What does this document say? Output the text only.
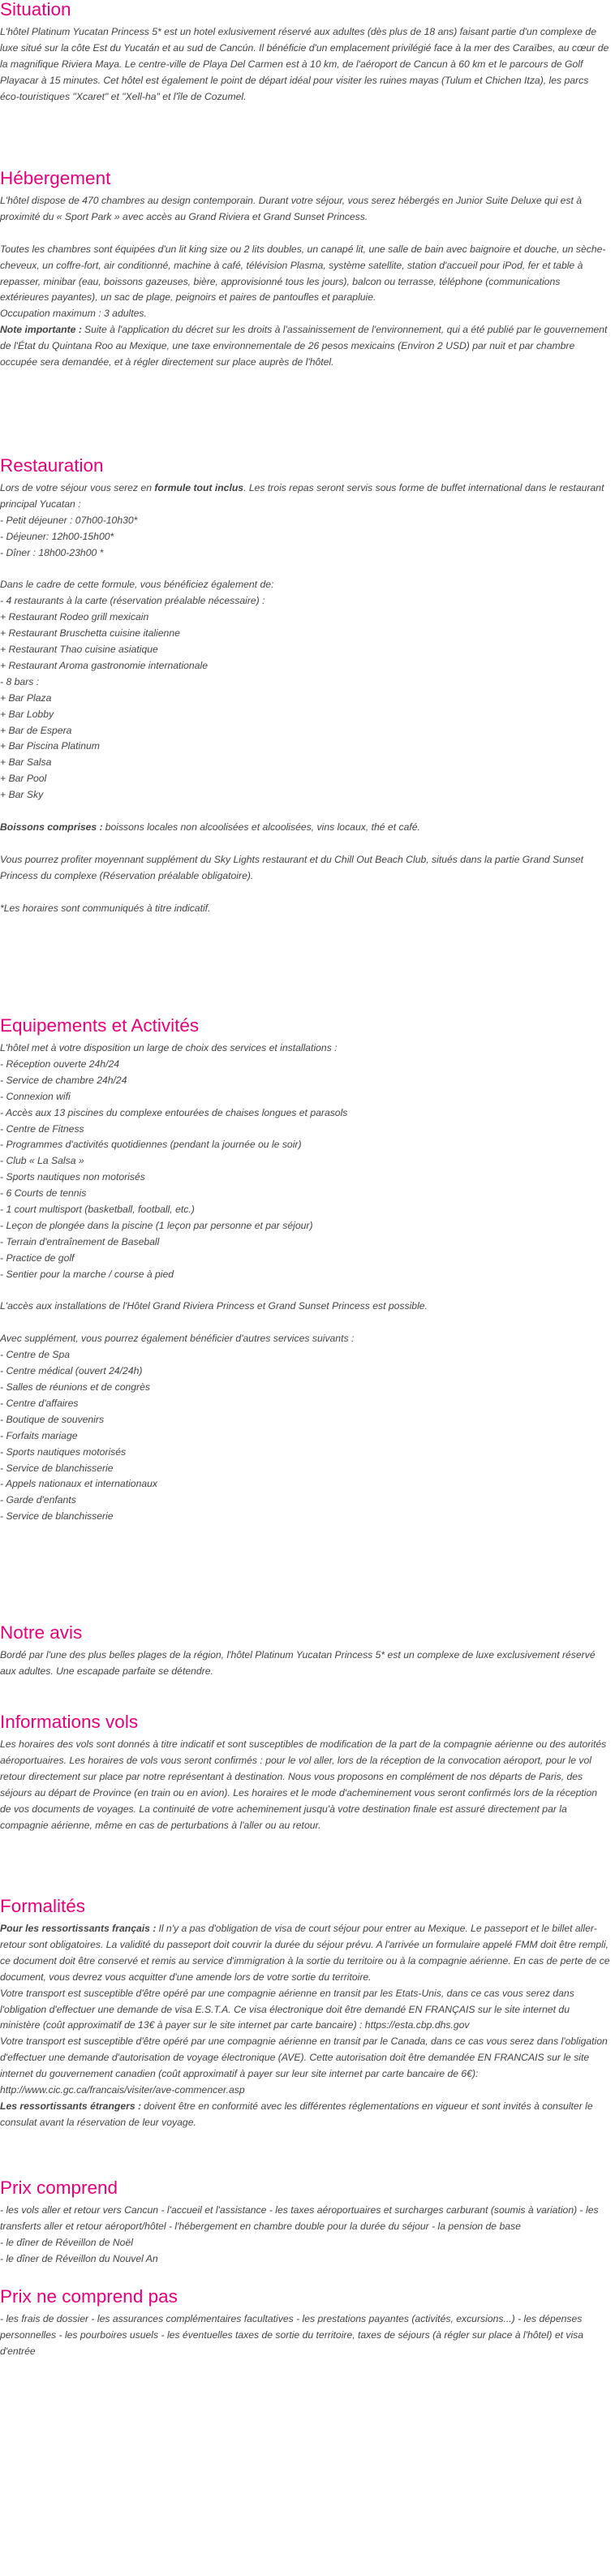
Situation

L'hôtel Platinum Yucatan Princess 5* est un hotel exlusivement réservé aux adultes (dès plus de 18 ans) faisant partie d'un complexe de luxe situé sur la côte Est du Yucatán et au sud de Cancún. Il bénéficie d'un emplacement privilégié face à la mer des Caraïbes, au cœur de la magnifique Riviera Maya. Le centre-ville de Playa Del Carmen est à 10 km, de l'aéroport de Cancun à 60 km et le parcours de Golf Playacar à 15 minutes. Cet hôtel est également le point de départ idéal pour visiter les ruines mayas (Tulum et Chichen Itza), les parcs éco-touristiques "Xcaret" et "Xell-ha" et l'île de Cozumel.

Hébergement

L'hôtel dispose de 470 chambres au design contemporain. Durant votre séjour, vous serez hébergés en Junior Suite Deluxe qui est à proximité du « Sport Park » avec accès au Grand Riviera et Grand Sunset Princess.

Toutes les chambres sont équipées d'un lit king size ou 2 lits doubles, un canapé lit, une salle de bain avec baignoire et douche, un sèche-cheveux, un coffre-fort, air conditionné, machine à café, télévision Plasma, système satellite, station d'accueil pour iPod, fer et table à repasser, minibar (eau, boissons gazeuses, bière, approvisionné tous les jours), balcon ou terrasse, téléphone (communications extérieures payantes), un sac de plage, peignoirs et paires de pantoufles et parapluie.

Occupation maximum : 3 adultes.

Note importante : Suite à l'application du décret sur les droits à l'assainissement de l'environnement, qui a été publié par le gouvernement de l'État du Quintana Roo au Mexique, une taxe environnementale de 26 pesos mexicains (Environ 2 USD) par nuit et par chambre occupée sera demandée, et à régler directement sur place auprès de l'hôtel.

Restauration

Lors de votre séjour vous serez en formule tout inclus. Les trois repas seront servis sous forme de buffet international dans le restaurant principal Yucatan :

- Petit déjeuner : 07h00-10h30*
- Déjeuner: 12h00-15h00*
- Dîner : 18h00-23h00 *

Dans le cadre de cette formule, vous bénéficiez également de:

- 4 restaurants à la carte (réservation préalable nécessaire) :

+ Restaurant Rodeo grill mexicain
+ Restaurant Bruschetta cuisine italienne
+ Restaurant Thao cuisine asiatique
+ Restaurant Aroma gastronomie internationale

- 8 bars :

+ Bar Plaza
+ Bar Lobby
+ Bar de Espera
+ Bar Piscina Platinum
+ Bar Salsa
+ Bar Pool
+ Bar Sky

Boissons comprises : boissons locales non alcoolisées et alcoolisées, vins locaux, thé et café.

Vous pourrez profiter moyennant supplément du Sky Lights restaurant et du Chill Out Beach Club, situés dans la partie Grand Sunset Princess du complexe (Réservation préalable obligatoire).

*Les horaires sont communiqués à titre indicatif.

Equipements et Activités

L'hôtel met à votre disposition un large de choix des services et installations :

- Réception ouverte 24h/24
- Service de chambre 24h/24
- Connexion wifi
- Accès aux 13 piscines du complexe entourées de chaises longues et parasols
- Centre de Fitness
- Programmes d'activités quotidiennes (pendant la journée ou le soir)
- Club « La Salsa »
- Sports nautiques non motorisés
- 6 Courts de tennis
- 1 court multisport (basketball, football, etc.)
- Leçon de plongée dans la piscine (1 leçon par personne et par séjour)
- Terrain d'entraînement de Baseball
- Practice de golf
- Sentier pour la marche / course à pied

L'accès aux installations de l'Hôtel Grand Riviera Princess et Grand Sunset Princess est possible.

Avec supplément, vous pourrez également bénéficier d'autres services suivants :

- Centre de Spa
- Centre médical (ouvert 24/24h)
- Salles de réunions et de congrès
- Centre d'affaires
- Boutique de souvenirs
- Forfaits mariage
- Sports nautiques motorisés
- Service de blanchisserie
- Appels nationaux et internationaux
- Garde d'enfants
- Service de blanchisserie
Notre avis

Bordé par l'une des plus belles plages de la région, l'hôtel Platinum Yucatan Princess 5* est un complexe de luxe exclusivement réservé aux adultes. Une escapade parfaite se détendre.

Informations vols

Les horaires des vols sont donnés à titre indicatif et sont susceptibles de modification de la part de la compagnie aérienne ou des autorités aéroportuaires. Les horaires de vols vous seront confirmés : pour le vol aller, lors de la réception de la convocation aéroport, pour le vol retour directement sur place par notre représentant à destination. Nous vous proposons en complément de nos départs de Paris, des séjours au départ de Province (en train ou en avion). Les horaires et le mode d'acheminement vous seront confirmés lors de la réception de vos documents de voyages. La continuité de votre acheminement jusqu'à votre destination finale est assuré directement par la compagnie aérienne, même en cas de perturbations à l'aller ou au retour.

Formalités

Pour les ressortissants français : Il n'y a pas d'obligation de visa de court séjour pour entrer au Mexique. Le passeport et le billet aller-retour sont obligatoires. La validité du passeport doit couvrir la durée du séjour prévu. A l'arrivée un formulaire appelé FMM doit être rempli, ce document doit être conservé et remis au service d'immigration à la sortie du territoire ou à la compagnie aérienne. En cas de perte de ce document, vous devrez vous acquitter d'une amende lors de votre sortie du territoire.

Votre transport est susceptible d'être opéré par une compagnie aérienne en transit par les Etats-Unis, dans ce cas vous serez dans l'obligation d'effectuer une demande de visa E.S.T.A. Ce visa électronique doit être demandé EN FRANÇAIS sur le site internet du ministère (coût approximatif de 13€ à payer sur le site internet par carte bancaire) : https://esta.cbp.dhs.gov

Votre transport est susceptible d'être opéré par une compagnie aérienne en transit par le Canada, dans ce cas vous serez dans l'obligation d'effectuer une demande d'autorisation de voyage électronique (AVE). Cette autorisation doit être demandée EN FRANCAIS sur le site internet du gouvernement canadien (coût approximatif à payer sur leur site internet par carte bancaire de 6€): http://www.cic.gc.ca/francais/visiter/ave-commencer.asp

Les ressortissants étrangers : doivent être en conformité avec les différentes réglementations en vigueur et sont invités à consulter le consulat avant la réservation de leur voyage.

Prix comprend
- les vols aller et retour vers Cancun - l'accueil et l'assistance - les taxes aéroportuaires et surcharges carburant (soumis à variation) - les transferts aller et retour aéroport/hôtel - l'hébergement en chambre double pour la durée du séjour - la pension de base
- le dîner de Réveillon de Noël
- le dîner de Réveillon du Nouvel An
Prix ne comprend pas

- les frais de dossier - les assurances complémentaires facultatives - les prestations payantes (activités, excursions...) - les dépenses personnelles - les pourboires usuels - les éventuelles taxes de sortie du territoire, taxes de séjours (à régler sur place à l'hôtel) et visa d'entrée
